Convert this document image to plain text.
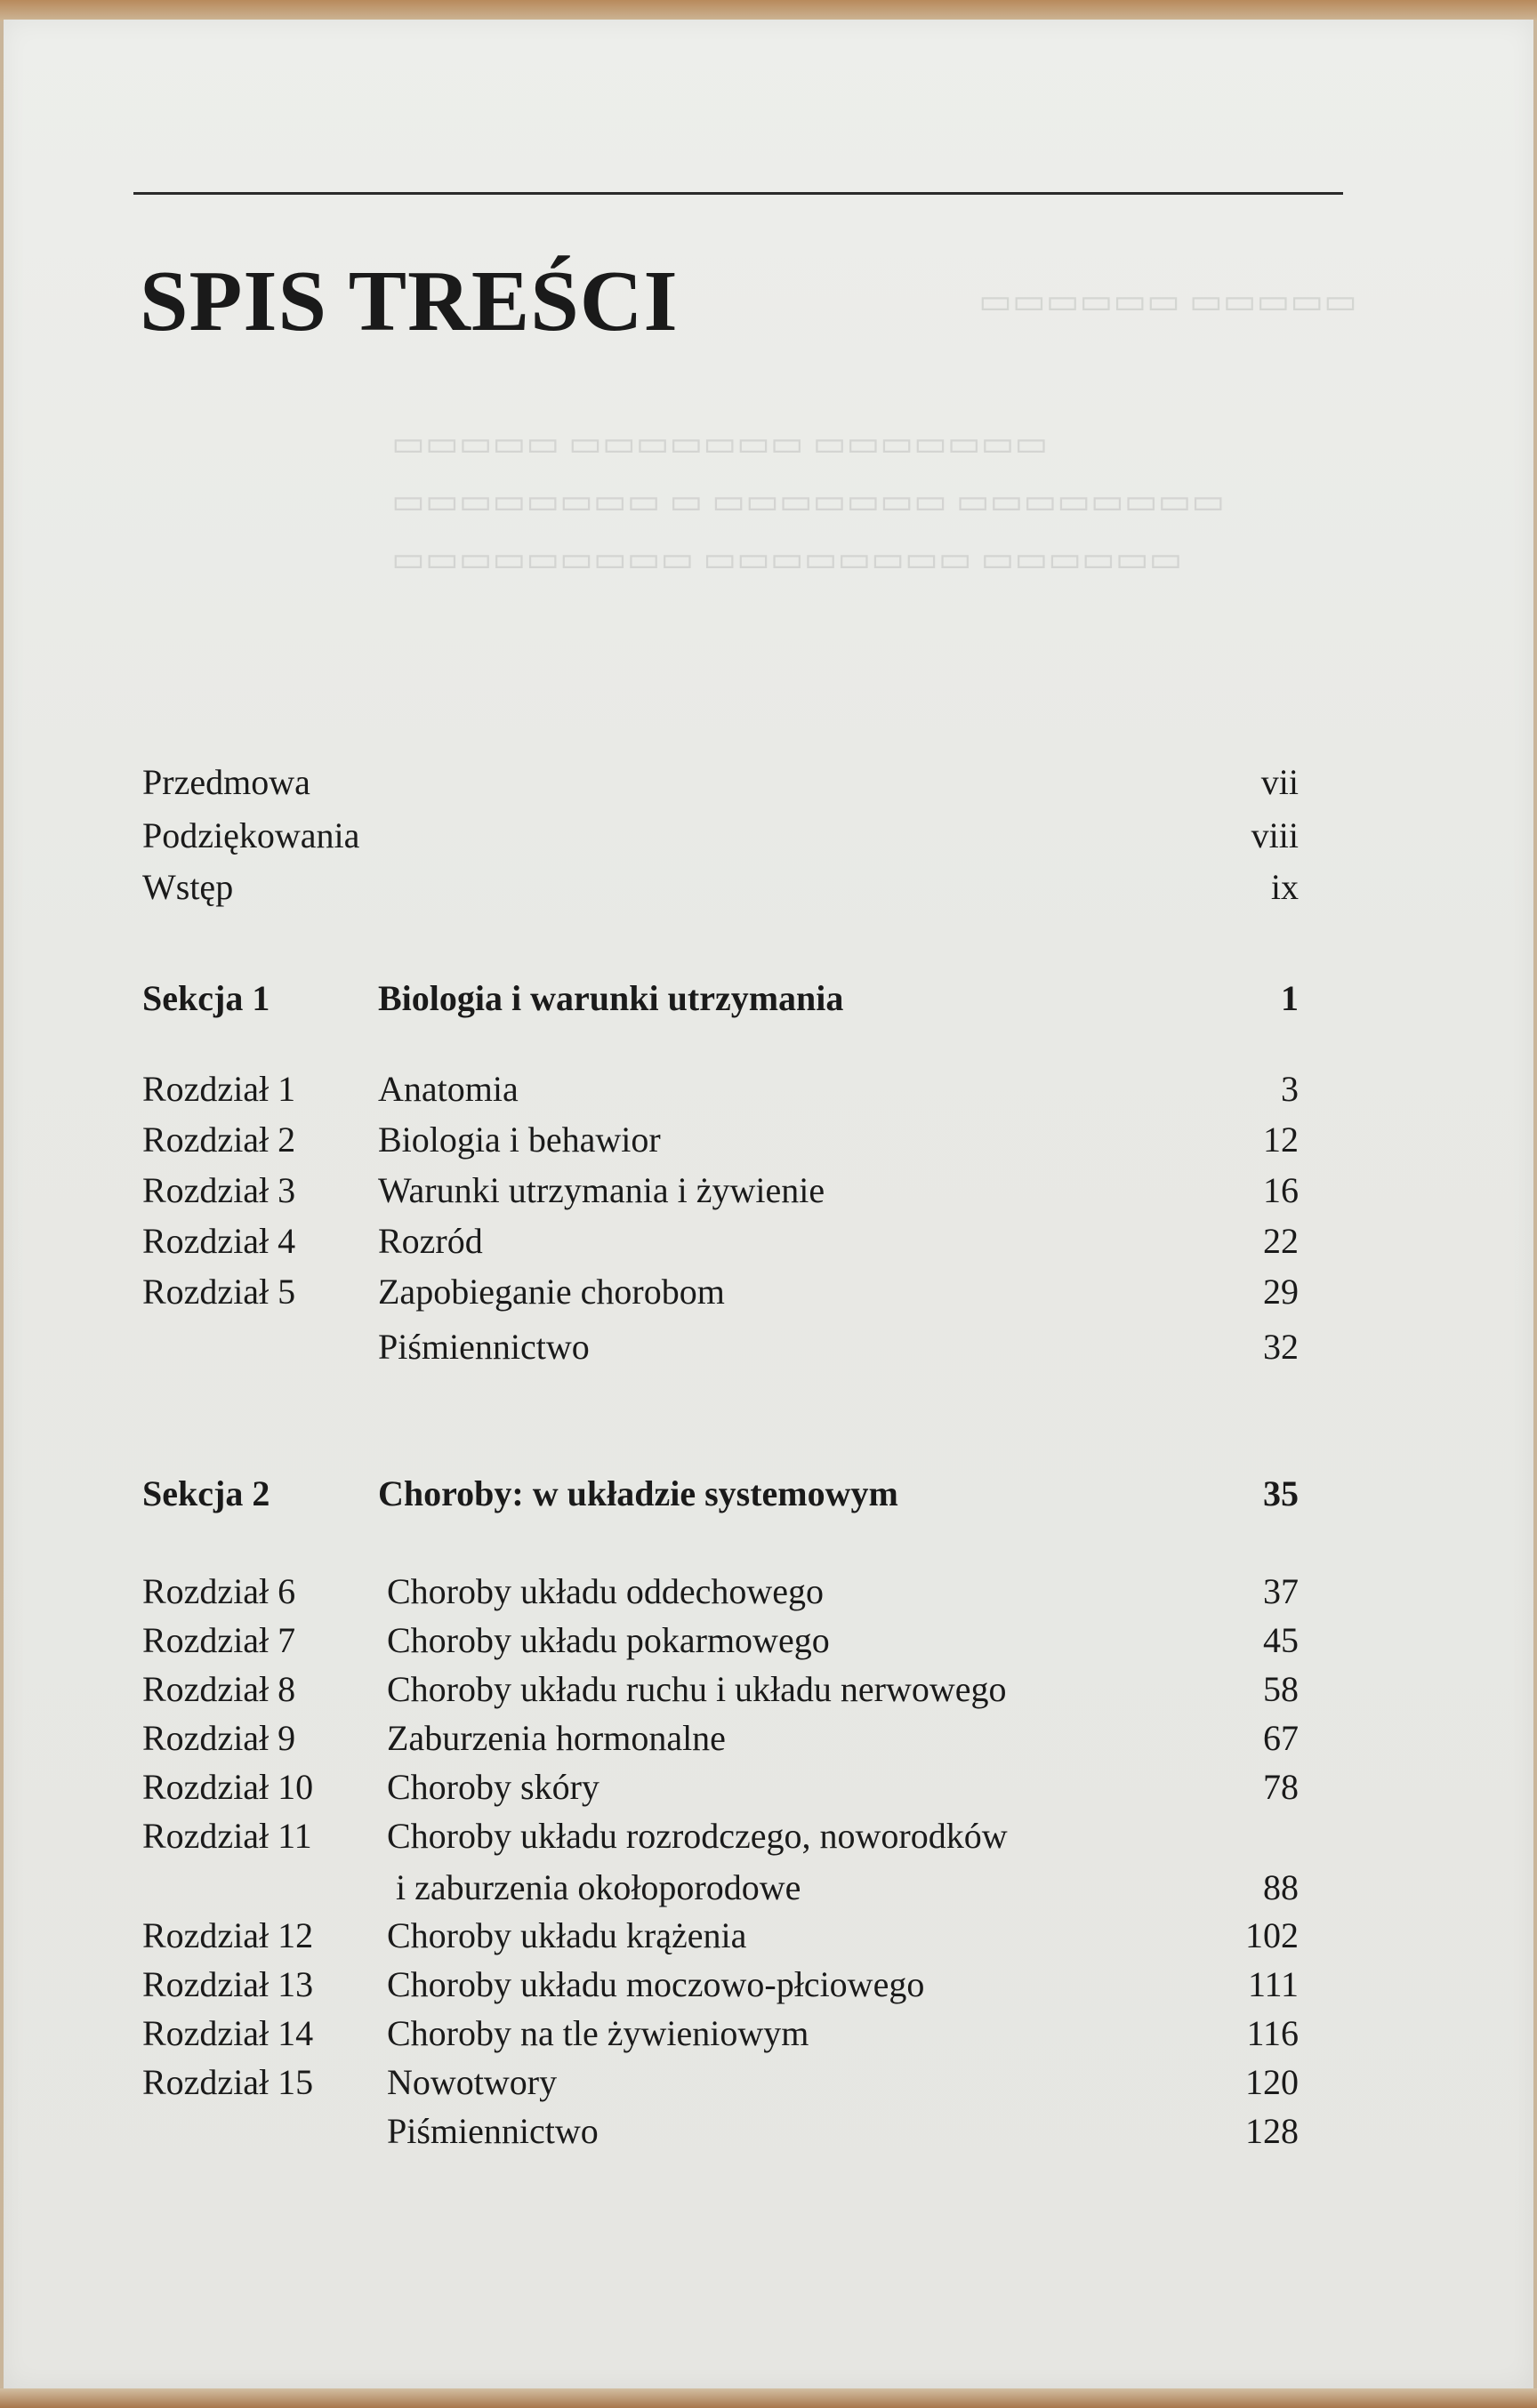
SPIS TREŚCI
Przedmowa	vii
Podziękowania	viii
Wstęp	ix
Sekcja 1	Biologia i warunki utrzymania	1
Rozdział 1 Anatomia	3
Rozdział 2 Biologia i behawior	12
Rozdział 3 Warunki utrzymania i żywienie	16
Rozdział 4 Rozród	22
Rozdział 5 Zapobieganie chorobom	29
Piśmiennictwo	32
Sekcja 2	Choroby: w układzie systemowym	35
Rozdział 6	Choroby układu oddechowego	37
Rozdział 7	Choroby układu pokarmowego	45
Rozdział 8	Choroby układu ruchu i układu nerwowego	58
Rozdział 9	Zaburzenia hormonalne	67
Rozdział 10 Choroby skóry	78
Rozdział 11 Choroby układu rozrodczego, noworodków
i zaburzenia okołoporodowe	88
Rozdział 12 Choroby układu krążenia	102
Rozdział 13 Choroby układu moczowo-płciowego	111
Rozdział 14 Choroby na tle żywieniowym	116
Rozdział 15 Nowotwory	120
Piśmiennictwo	128
